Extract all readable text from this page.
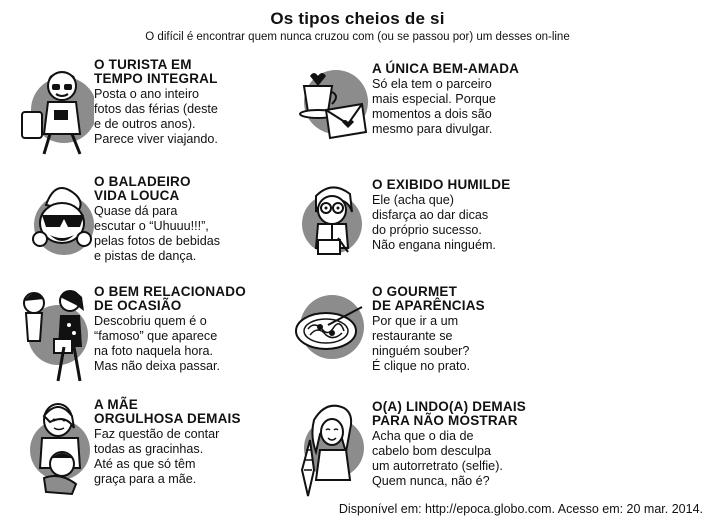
Os tipos cheios de si
O difícil é encontrar quem nunca cruzou com (ou se passou por) um desses on-line
O TURISTA EM
TEMPO INTEGRAL
Posta o ano inteiro
fotos das férias (deste
e de outros anos).
Parece viver viajando.
O BALADEIRO
VIDA LOUCA
Quase dá para
escutar o “Uhuuu!!!”,
pelas fotos de bebidas
e pistas de dança.
O BEM RELACIONADO
DE OCASIÃO
Descobriu quem é o
“famoso” que aparece
na foto naquela hora.
Mas não deixa passar.
A MÃE
ORGULHOSA DEMAIS
Faz questão de contar
todas as gracinhas.
Até as que só têm
graça para a mãe.
A ÚNICA BEM-AMADA
Só ela tem o parceiro
mais especial. Porque
momentos a dois são
mesmo para divulgar.
O EXIBIDO HUMILDE
Ele (acha que)
disfarça ao dar dicas
do próprio sucesso.
Não engana ninguém.
O GOURMET
DE APARÊNCIAS
Por que ir a um
restaurante se
ninguém souber?
É clique no prato.
O(A) LINDO(A) DEMAIS
PARA NÃO MOSTRAR
Acha que o dia de
cabelo bom desculpa
um autorretrato (selfie).
Quem nunca, não é?
Disponível em: http://epoca.globo.com. Acesso em: 20 mar. 2014.
